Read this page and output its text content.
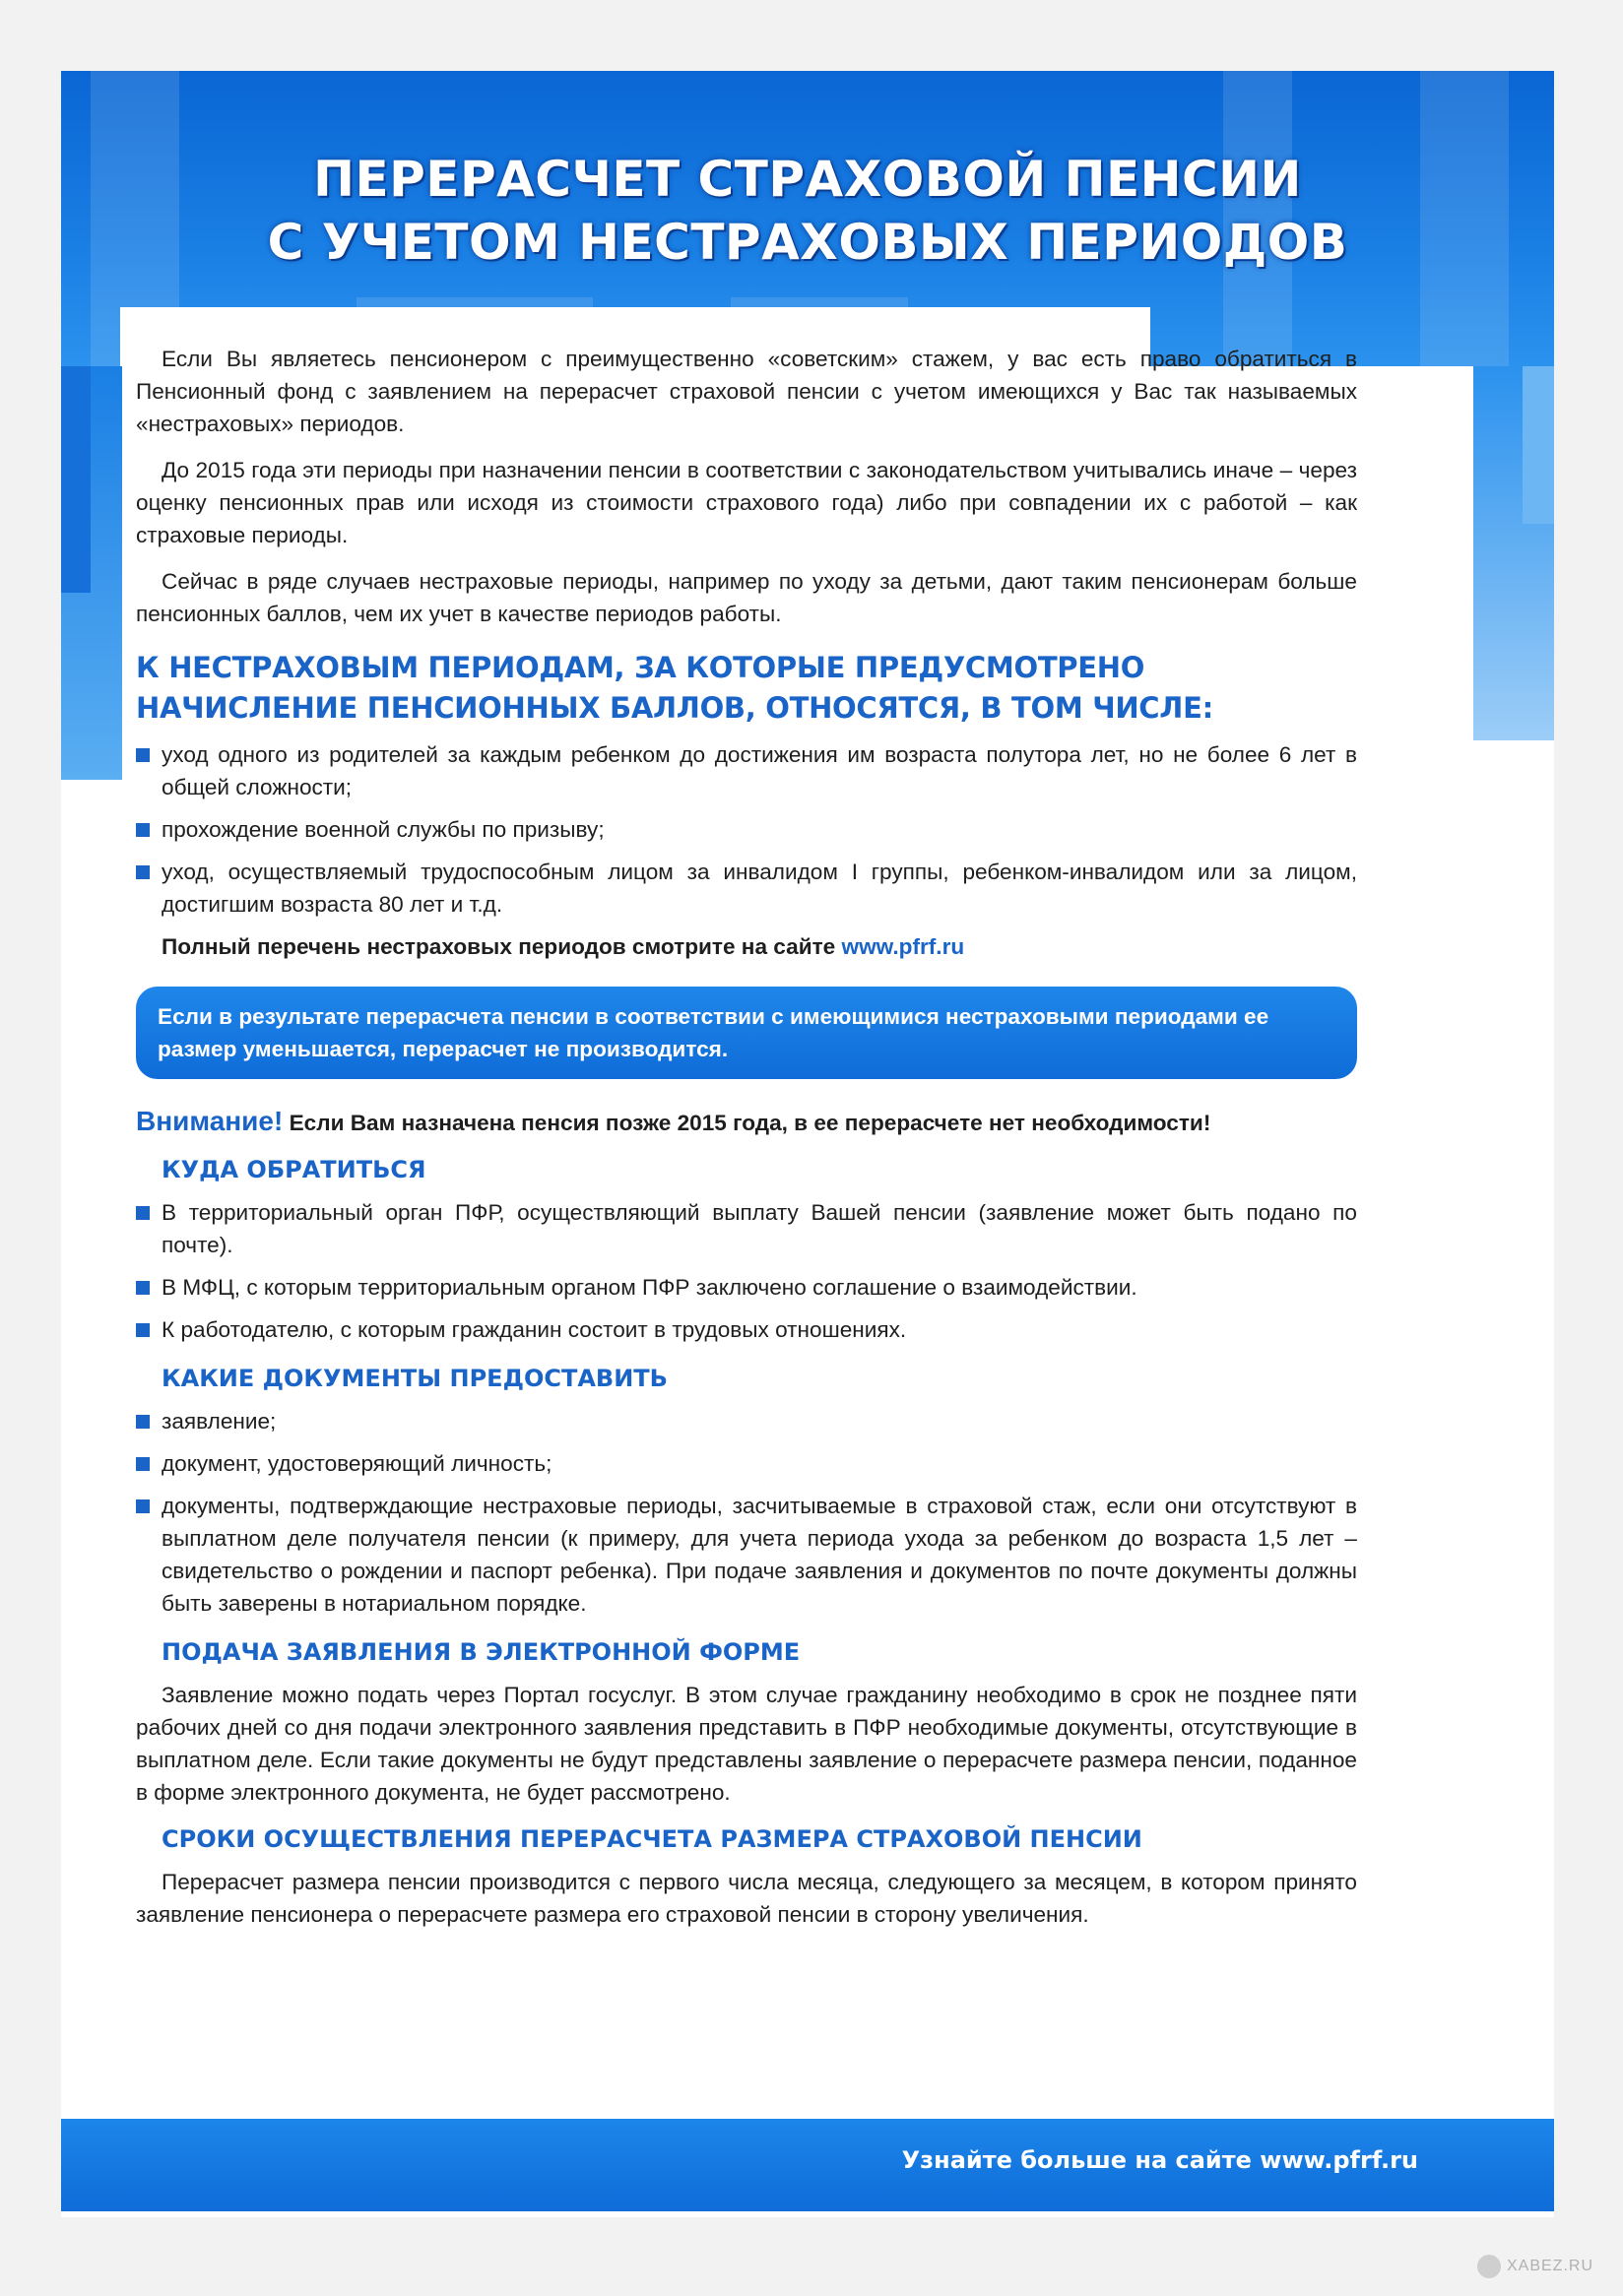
ПЕРЕРАСЧЕТ СТРАХОВОЙ ПЕНСИИ
С УЧЕТОМ НЕСТРАХОВЫХ ПЕРИОДОВ
Узнайте больше на сайте www.pfrf.ru

Если Вы являетесь пенсионером с преимущественно «советским» стажем, у вас есть право обратиться в Пенсионный фонд с заявлением на перерасчет страховой пенсии с учетом имеющихся у Вас так называемых «нестраховых» периодов.

До 2015 года эти периоды при назначении пенсии в соответствии с законодательством учитывались иначе – через оценку пенсионных прав или исходя из стоимости страхового года) либо при совпадении их с работой – как страховые периоды.

Сейчас в ряде случаев нестраховые периоды, например по уходу за детьми, дают таким пенсионерам больше пенсионных баллов, чем их учет в качестве периодов работы.

К НЕСТРАХОВЫМ ПЕРИОДАМ, ЗА КОТОРЫЕ ПРЕДУСМОТРЕНО НАЧИСЛЕНИЕ ПЕНСИОННЫХ БАЛЛОВ, ОТНОСЯТСЯ, В ТОМ ЧИСЛЕ:
уход одного из родителей за каждым ребенком до достижения им возраста полутора лет, но не более 6 лет в общей сложности;
прохождение военной службы по призыву;
уход, осуществляемый трудоспособным лицом за инвалидом I группы, ребенком-инвалидом или за лицом, достигшим возраста 80 лет и т.д.
Полный перечень нестраховых периодов смотрите на сайте www.pfrf.ru
Если в результате перерасчета пенсии в соответствии с имеющимися нестраховыми периодами ее размер уменьшается, перерасчет не производится.
Внимание! Если Вам назначена пенсия позже 2015 года, в ее перерасчете нет необходимости!
КУДА ОБРАТИТЬСЯ
В территориальный орган ПФР, осуществляющий выплату Вашей пенсии (заявление может быть подано по почте).
В МФЦ, с которым территориальным органом ПФР заключено соглашение о взаимодействии.
К работодателю, с которым гражданин состоит в трудовых отношениях.
КАКИЕ ДОКУМЕНТЫ ПРЕДОСТАВИТЬ
заявление;
документ, удостоверяющий личность;
документы, подтверждающие нестраховые периоды, засчитываемые в страховой стаж, если они отсутствуют в выплатном деле получателя пенсии (к примеру, для учета периода ухода за ребенком до возраста 1,5 лет – свидетельство о рождении и паспорт ребенка). При подаче заявления и документов по почте документы должны быть заверены в нотариальном порядке.
ПОДАЧА ЗАЯВЛЕНИЯ В ЭЛЕКТРОННОЙ ФОРМЕ

Заявление можно подать через Портал госуслуг. В этом случае гражданину необходимо в срок не позднее пяти рабочих дней со дня подачи электронного заявления представить в ПФР необходимые документы, отсутствующие в выплатном деле. Если такие документы не будут представлены заявление о перерасчете размера пенсии, поданное в форме электронного документа, не будет рассмотрено.

СРОКИ ОСУЩЕСТВЛЕНИЯ ПЕРЕРАСЧЕТА РАЗМЕРА СТРАХОВОЙ ПЕНСИИ

Перерасчет размера пенсии производится с первого числа месяца, следующего за месяцем, в котором принято заявление пенсионера о перерасчете размера его страховой пенсии в сторону увеличения.

XABEZ.RU
